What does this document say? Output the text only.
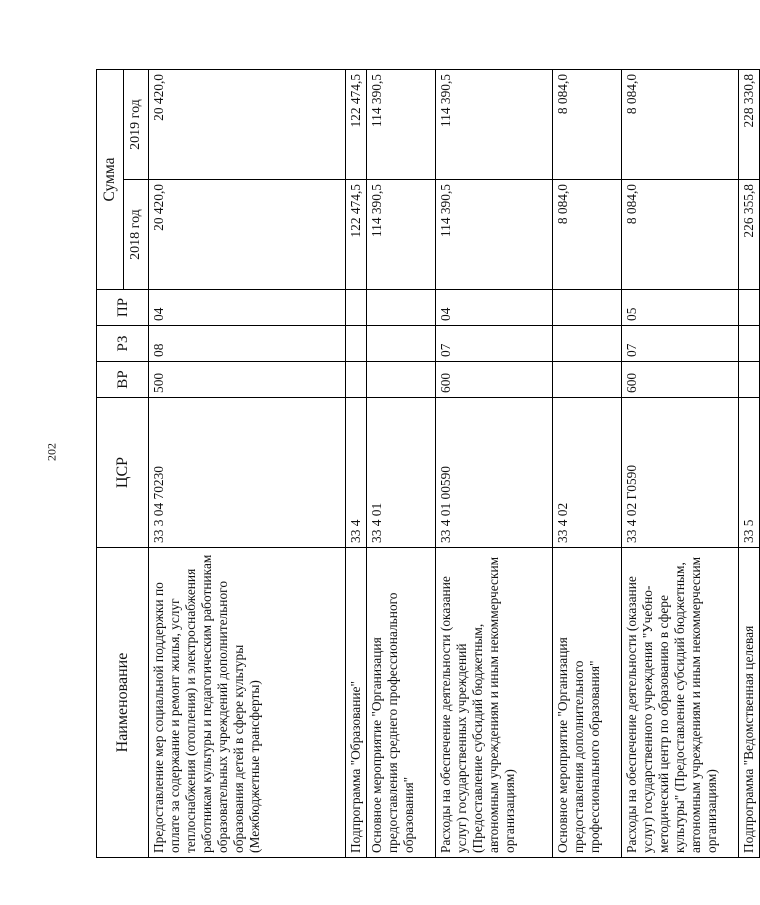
202
Наименование	ЦСР	ВР	РЗ	ПР	Сумма	
					2018 год	2019 год
Предоставление мер социальной поддержки по оплате за содержание и ремонт жилья, услуг теплоснабжения (отопления) и электроснабжения работникам культуры и педагогическим работникам образовательных учреждений дополнительного образования детей в сфере культуры (Межбюджетные трансферты)	33 3 04 70230	500	08	04	20 420,0	20 420,0
Подпрограмма "Образование"	33 4				122 474,5	122 474,5
Основное мероприятие "Организация предоставления среднего профессионального образования"	33 4 01				114 390,5	114 390,5
Расходы на обеспечение деятельности (оказание услуг) государственных учреждений (Предоставление субсидий бюджетным, автономным учреждениям и иным некоммерческим организациям)	33 4 01 00590	600	07	04	114 390,5	114 390,5
Основное мероприятие "Организация предоставления дополнительного профессионального образования"	33 4 02				8 084,0	8 084,0
Расходы на обеспечение деятельности (оказание услуг) государственного учреждения "Учебно-методический центр по образованию в сфере культуры" (Предоставление субсидий бюджетным, автономным учреждениям и иным некоммерческим организациям)	33 4 02 Г0590	600	07	05	8 084,0	8 084,0
Подпрограмма "Ведомственная целевая	33 5				226 355,8	228 330,8
